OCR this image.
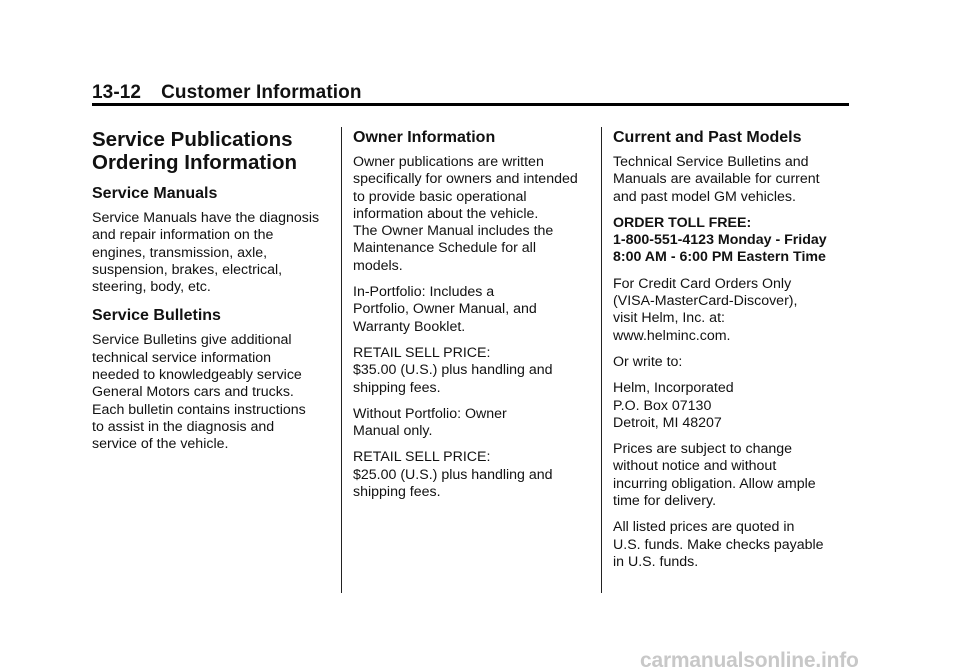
13-12 Customer Information
Service Publications
Ordering Information
Service Manuals

Service Manuals have the diagnosis
and repair information on the
engines, transmission, axle,
suspension, brakes, electrical,
steering, body, etc.

Service Bulletins

Service Bulletins give additional
technical service information
needed to knowledgeably service
General Motors cars and trucks.
Each bulletin contains instructions
to assist in the diagnosis and
service of the vehicle.

Owner Information

Owner publications are written
specifically for owners and intended
to provide basic operational
information about the vehicle.
The Owner Manual includes the
Maintenance Schedule for all
models.

In-Portfolio: Includes a
Portfolio, Owner Manual, and
Warranty Booklet.

RETAIL SELL PRICE:
$35.00 (U.S.) plus handling and
shipping fees.

Without Portfolio: Owner
Manual only.

RETAIL SELL PRICE:
$25.00 (U.S.) plus handling and
shipping fees.

Current and Past Models

Technical Service Bulletins and
Manuals are available for current
and past model GM vehicles.

ORDER TOLL FREE:
1-800-551-4123 Monday - Friday
8:00 AM - 6:00 PM Eastern Time

For Credit Card Orders Only
(VISA-MasterCard-Discover),
visit Helm, Inc. at:
www.helminc.com.

Or write to:

Helm, Incorporated
P.O. Box 07130
Detroit, MI 48207

Prices are subject to change
without notice and without
incurring obligation. Allow ample
time for delivery.

All listed prices are quoted in
U.S. funds. Make checks payable
in U.S. funds.

carmanualsonline.info
